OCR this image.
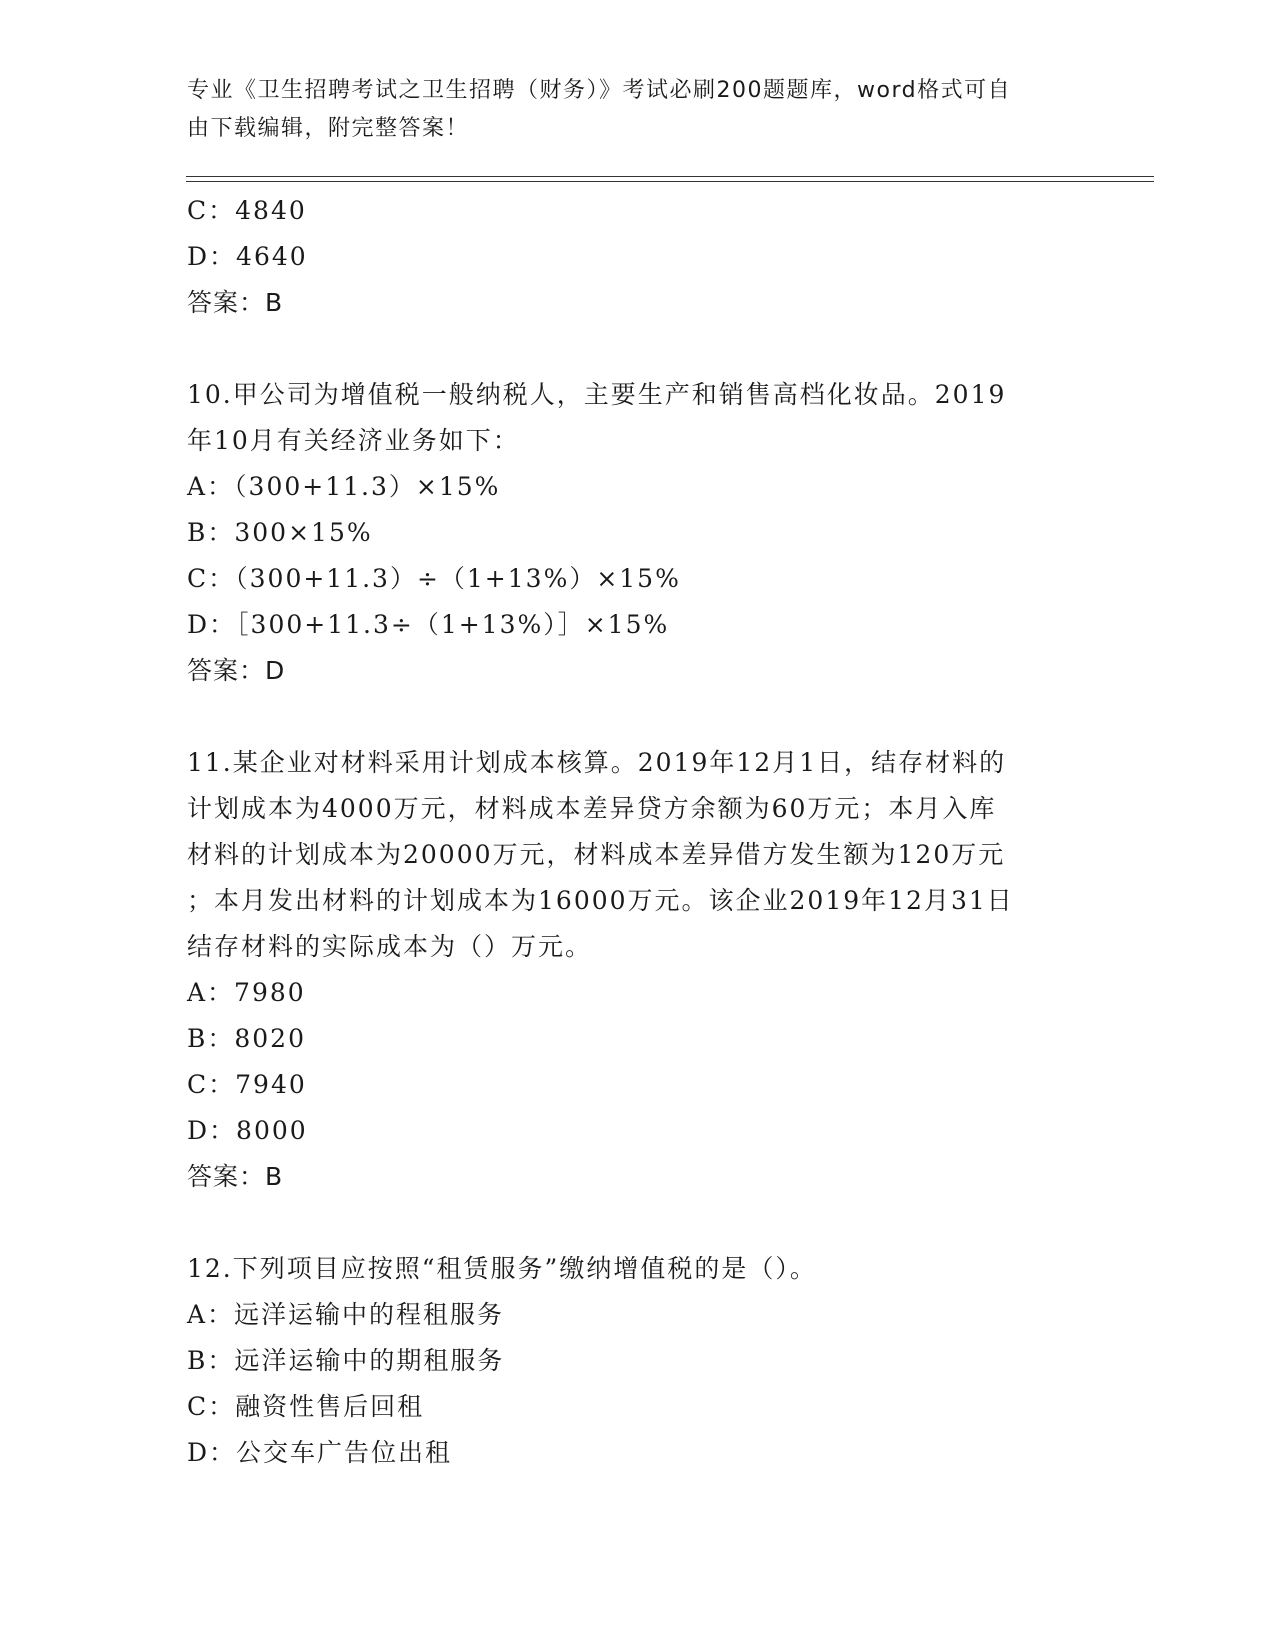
专业《卫生招聘考试之卫生招聘（财务）》考试必刷200题题库，word格式可自
由下载编辑，附完整答案！
C：4840
D：4640
答案：B
10.甲公司为增值税一般纳税人，主要生产和销售高档化妆品。2019
年10月有关经济业务如下：
A：（300+11.3）×15%
B：300×15%
C：（300+11.3）÷（1+13%）×15%
D：［300+11.3÷（1+13%）］×15%
答案：D
11.某企业对材料采用计划成本核算。2019年12月1日，结存材料的
计划成本为4000万元，材料成本差异贷方余额为60万元；本月入库
材料的计划成本为20000万元，材料成本差异借方发生额为120万元
；本月发出材料的计划成本为16000万元。该企业2019年12月31日
结存材料的实际成本为（）万元。
A：7980
B：8020
C：7940
D：8000
答案：B
12.下列项目应按照“租赁服务”缴纳增值税的是（）。
A：远洋运输中的程租服务
B：远洋运输中的期租服务
C：融资性售后回租
D：公交车广告位出租
